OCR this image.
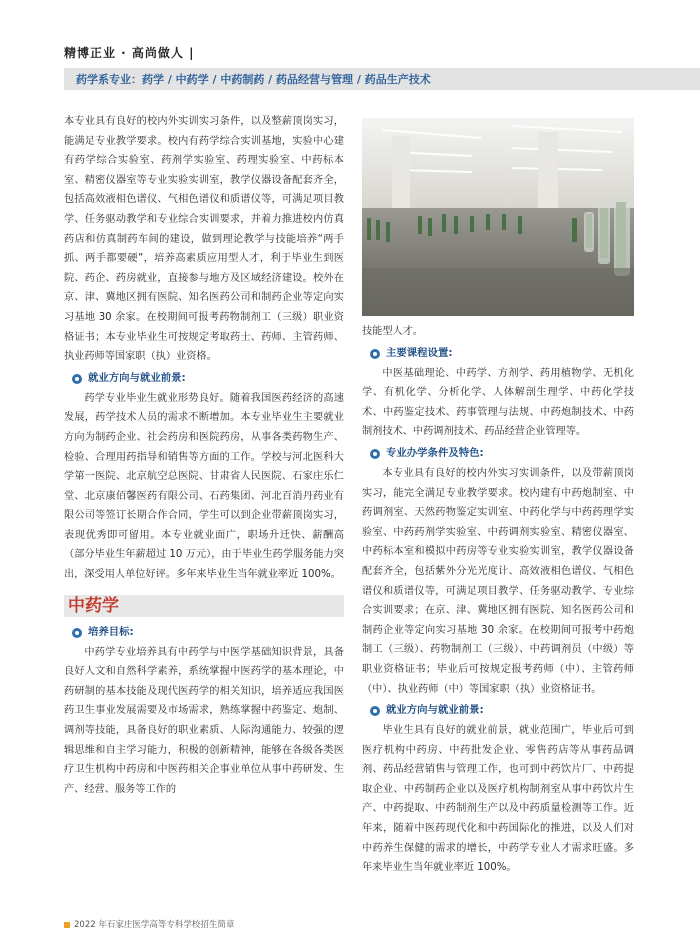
精博正业 · 高尚做人 |
药学系专业：药学 / 中药学 / 中药制药 / 药品经营与管理 / 药品生产技术

本专业具有良好的校内外实训实习条件，以及整薪顶岗实习，能满足专业教学要求。校内有药学综合实训基地，实验中心建有药学综合实验室、药剂学实验室、药理实验室、中药标本室、精密仪器室等专业实验实训室，教学仪器设备配套齐全，包括高效液相色谱仪、气相色谱仪和质谱仪等，可满足项目教学、任务驱动教学和专业综合实训要求，并着力推进校内仿真药店和仿真制药车间的建设，做到理论教学与技能培养“两手抓、两手都要硬”，培养高素质应用型人才，利于毕业生到医院、药企、药房就业，直接参与地方及区域经济建设。校外在京、津、冀地区拥有医院、知名医药公司和制药企业等定向实习基地 30 余家。在校期间可报考药物制剂工（三级）职业资格证书；本专业毕业生可按规定考取药士、药师、主管药师、执业药师等国家职（执）业资格。

就业方向与就业前景:

药学专业毕业生就业形势良好。随着我国医药经济的高速发展，药学技术人员的需求不断增加。本专业毕业生主要就业方向为制药企业、社会药房和医院药房，从事各类药物生产、检验、合理用药指导和销售等方面的工作。学校与河北医科大学第一医院、北京航空总医院、甘肃省人民医院、石家庄乐仁堂、北京康佰馨医药有限公司、石药集团、河北百消丹药业有限公司等签订长期合作合同，学生可以到企业带薪顶岗实习，表现优秀即可留用。本专业就业面广，职场升迁快、薪酬高（部分毕业生年薪超过 10 万元），由于毕业生药学服务能力突出，深受用人单位好评。多年来毕业生当年就业率近 100%。

中药学
培养目标:

中药学专业培养具有中药学与中医学基础知识背景，具备良好人文和自然科学素养，系统掌握中医药学的基本理论，中药研制的基本技能及现代医药学的相关知识，培养适应我国医药卫生事业发展需要及市场需求，熟练掌握中药鉴定、炮制、调剂等技能，具备良好的职业素质、人际沟通能力、较强的逻辑思维和自主学习能力，积极的创新精神，能够在各级各类医疗卫生机构中药房和中医药相关企事业单位从事中药研发、生产、经营、服务等工作的

技能型人才。

主要课程设置:

中医基础理论、中药学、方剂学、药用植物学、无机化学、有机化学、分析化学、人体解剖生理学、中药化学技术、中药鉴定技术、药事管理与法规、中药炮制技术、中药制剂技术、中药调剂技术、药品经营企业管理等。

专业办学条件及特色:

本专业具有良好的校内外实习实训条件，以及带薪顶岗实习，能完全满足专业教学要求。校内建有中药炮制室、中药调剂室、天然药物鉴定实训室、中药化学与中药药理学实验室、中药药剂学实验室、中药调剂实验室、精密仪器室、中药标本室和模拟中药房等专业实验实训室，教学仪器设备配套齐全，包括紫外分光光度计、高效液相色谱仪、气相色谱仪和质谱仪等，可满足项目教学、任务驱动教学、专业综合实训要求；在京、津、冀地区拥有医院、知名医药公司和制药企业等定向实习基地 30 余家。在校期间可报考中药炮制工（三级）、药物制剂工（三级）、中药调剂员（中级）等职业资格证书；毕业后可按规定报考药师（中）、主管药师（中）、执业药师（中）等国家职（执）业资格证书。

就业方向与就业前景:

毕业生具有良好的就业前景，就业范围广，毕业后可到医疗机构中药房、中药批发企业、零售药店等从事药品调剂、药品经营销售与管理工作，也可到中药饮片厂、中药提取企业、中药制药企业以及医疗机构制剂室从事中药饮片生产、中药提取、中药制剂生产以及中药质量检测等工作。近年来，随着中医药现代化和中药国际化的推进，以及人们对中药养生保健的需求的增长，中药学专业人才需求旺盛。多年来毕业生当年就业率近 100%。

2022 年石家庄医学高等专科学校招生简章
